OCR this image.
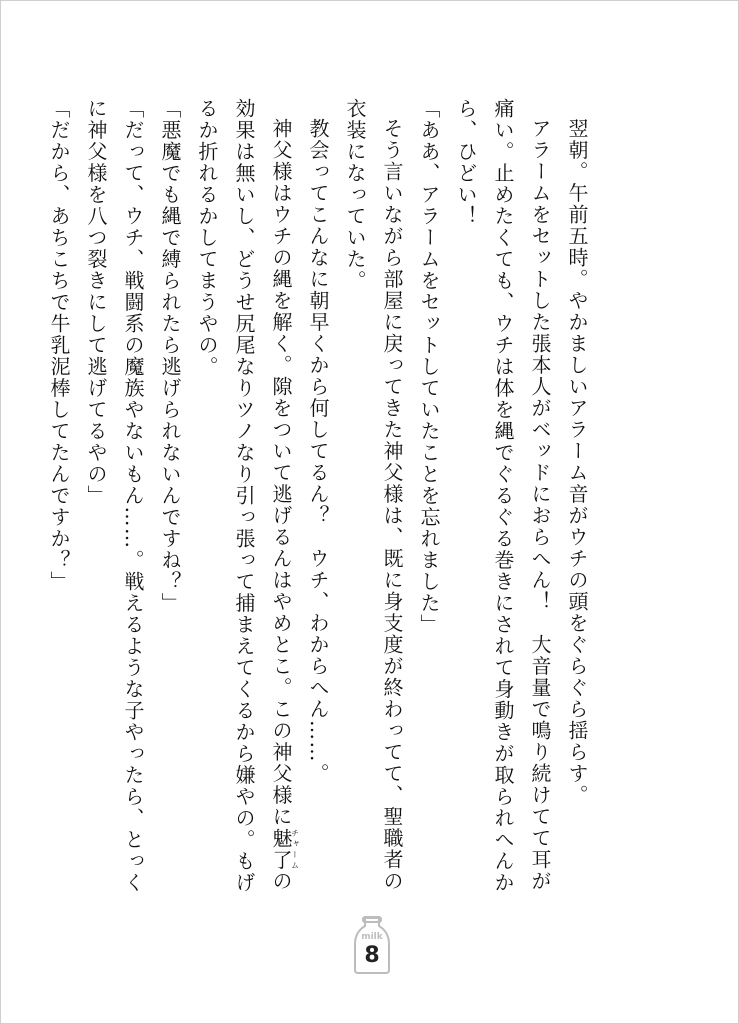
翌朝。午前五時。やかましいアラーム音がウチの頭をぐらぐら揺らす。

アラームをセットした張本人がベッドにおらへん！　大音量で鳴り続けてて耳が痛い。止めたくても、ウチは体を縄でぐるぐる巻きにされて身動きが取られへんから、ひどい！

「ああ、アラームをセットしていたことを忘れました」

そう言いながら部屋に戻ってきた神父様は、既に身支度が終わってて、聖職者の衣装になっていた。

教会ってこんなに朝早くから何してるん？　ウチ、わからへん……。

神父様はウチの縄を解く。隙をついて逃げるんはやめとこ。この神父様に魅了チャームの効果は無いし、どうせ尻尾なりツノなり引っ張って捕まえてくるから嫌やの。もげるか折れるかしてまうやの。

「悪魔でも縄で縛られたら逃げられないんですね？」

「だって、ウチ、戦闘系の魔族やないもん……。戦えるような子やったら、とっくに神父様を八つ裂きにして逃げてるやの」

「だから、あちこちで牛乳泥棒してたんですか？」

milk
8
